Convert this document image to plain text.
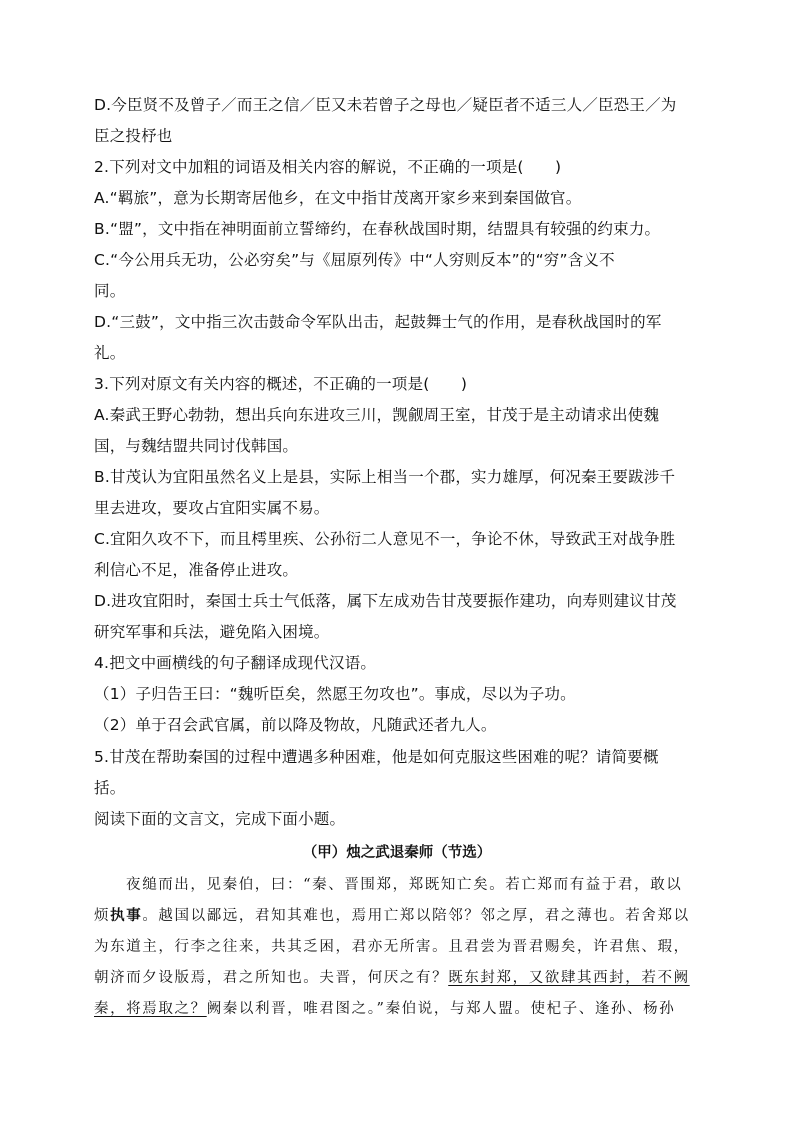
D.今臣贤不及曾子／而王之信／臣又未若曾子之母也／疑臣者不适三人／臣恐王／为
臣之投杼也
2.下列对文中加粗的词语及相关内容的解说，不正确的一项是(　　)
A.“羁旅”，意为长期寄居他乡，在文中指甘茂离开家乡来到秦国做官。
B.“盟”，文中指在神明面前立誓缔约，在春秋战国时期，结盟具有较强的约束力。
C.“今公用兵无功，公必穷矣”与《屈原列传》中“人穷则反本”的“穷”含义不
同。
D.“三鼓”，文中指三次击鼓命令军队出击，起鼓舞士气的作用，是春秋战国时的军
礼。
3.下列对原文有关内容的概述，不正确的一项是(　　)
A.秦武王野心勃勃，想出兵向东进攻三川，觊觎周王室，甘茂于是主动请求出使魏
国，与魏结盟共同讨伐韩国。
B.甘茂认为宜阳虽然名义上是县，实际上相当一个郡，实力雄厚，何况秦王要跋涉千
里去进攻，要攻占宜阳实属不易。
C.宜阳久攻不下，而且樗里疾、公孙衍二人意见不一，争论不休，导致武王对战争胜
利信心不足，准备停止进攻。
D.进攻宜阳时，秦国士兵士气低落，属下左成劝告甘茂要振作建功，向寿则建议甘茂
研究军事和兵法，避免陷入困境。
4.把文中画横线的句子翻译成现代汉语。
（1）子归告王曰：“魏听臣矣，然愿王勿攻也”。事成，尽以为子功。
（2）单于召会武官属，前以降及物故，凡随武还者九人。
5.甘茂在帮助秦国的过程中遭遇多种困难，他是如何克服这些困难的呢？请简要概
括。
阅读下面的文言文，完成下面小题。
（甲）烛之武退秦师（节选）
夜缒而出，见秦伯，曰：“秦、晋围郑，郑既知亡矣。若亡郑而有益于君，敢以
烦执事。越国以鄙远，君知其难也，焉用亡郑以陪邻？邻之厚，君之薄也。若舍郑以
为东道主，行李之往来，共其乏困，君亦无所害。且君尝为晋君赐矣，许君焦、瑕，
朝济而夕设版焉，君之所知也。夫晋，何厌之有？既东封郑，又欲肆其西封，若不阙
秦，将焉取之？阙秦以利晋，唯君图之。”秦伯说，与郑人盟。使杞子、逢孙、杨孙
